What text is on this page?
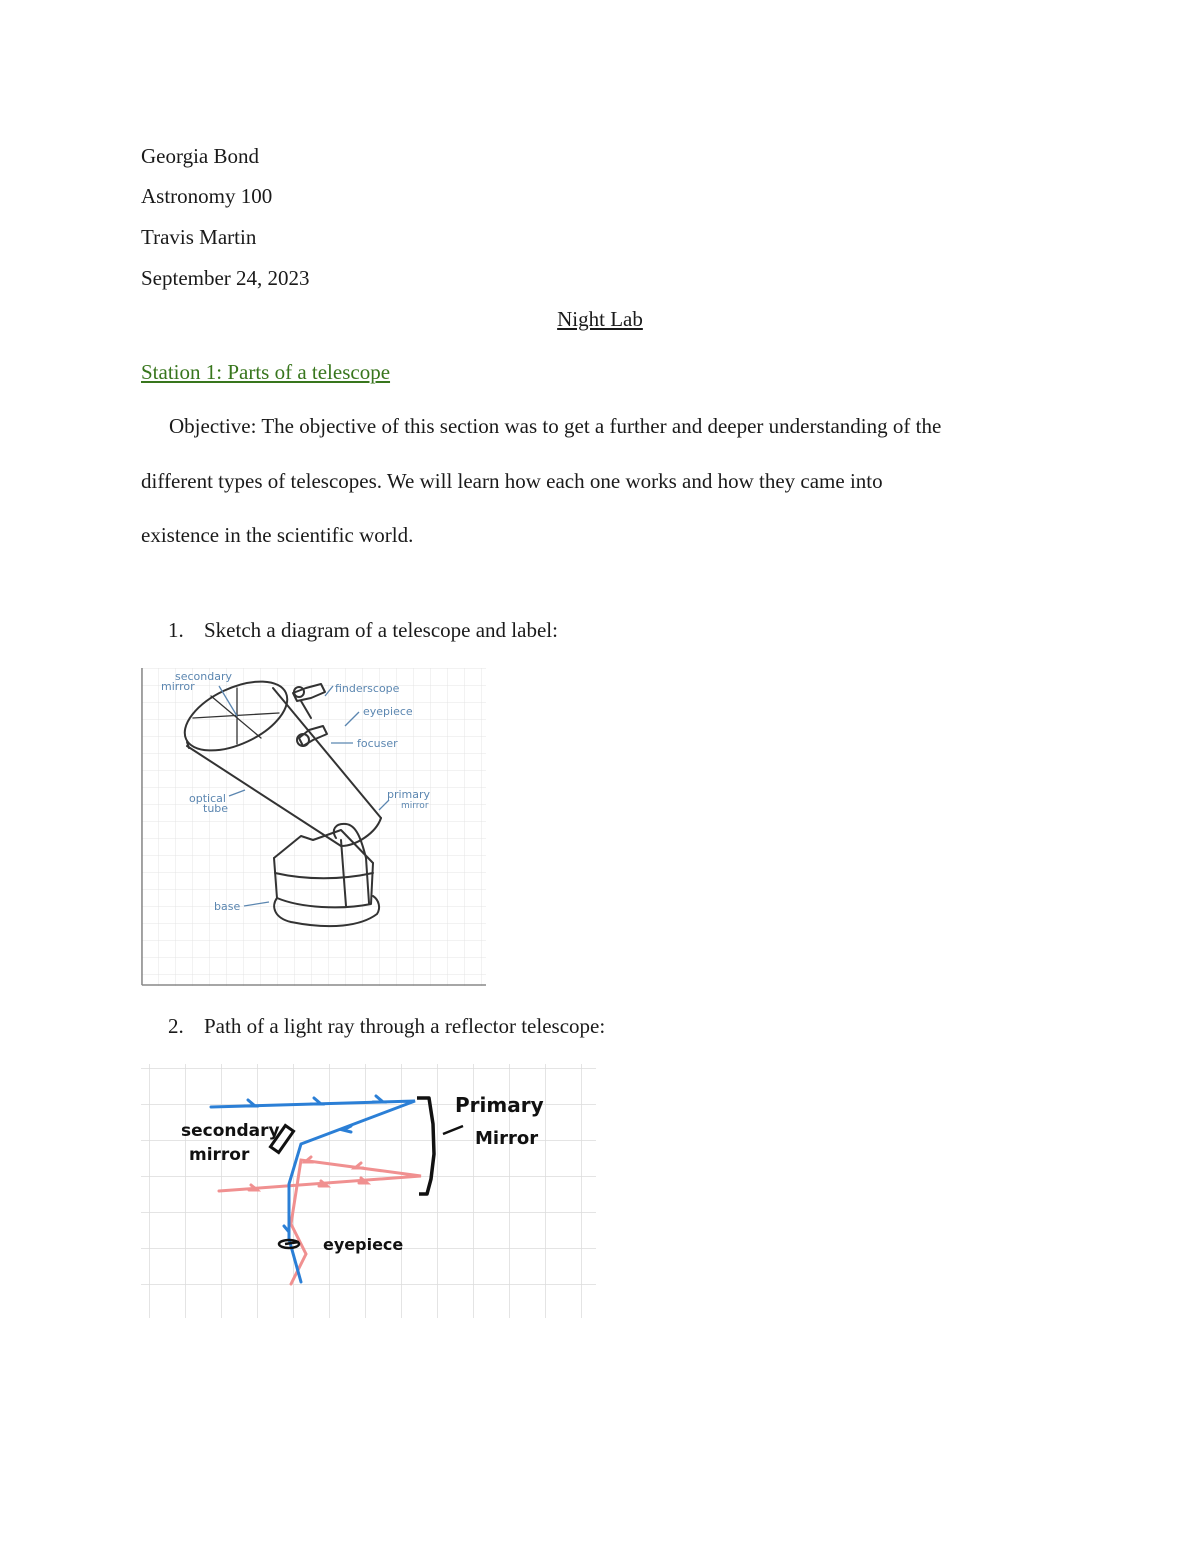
Georgia Bond
Astronomy 100
Travis Martin
September 24, 2023
Night Lab
Station 1: Parts of a telescope
Objective: The objective of this section was to get a further and deeper understanding of the
different types of telescopes. We will learn how each one works and how they came into
existence in the scientific world.
1. Sketch a diagram of a telescope and label:
secondary
mirror	finderscope
eyepiece
focuser
optical
tube
primary
mirror
base
2. Path of a light ray through a reflector telescope:
secondary
mirror
Primary
Mirror
eyepiece
